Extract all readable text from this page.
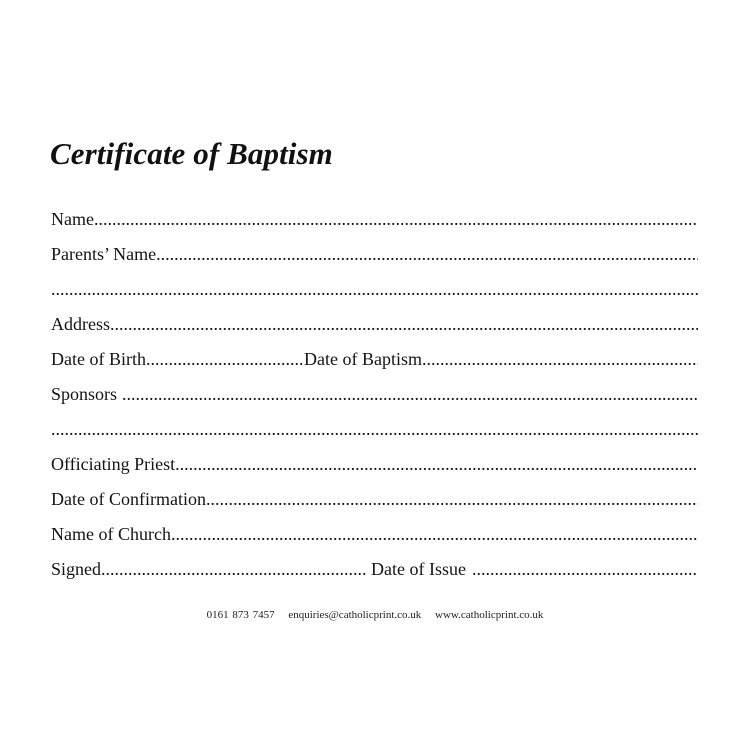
Certificate of Baptism
Name
.....
Parents’ Name
.....
.....
Address
.....
Date of Birth .....	Date of Baptism
.....
Sponsors
.....
.....
Officiating Priest
.....
Date of Confirmation
.....
Name of Church
.....
Signed .....	Date of Issue
.....
0161 873 7457 enquiries@catholicprint.co.uk www.catholicprint.co.uk
